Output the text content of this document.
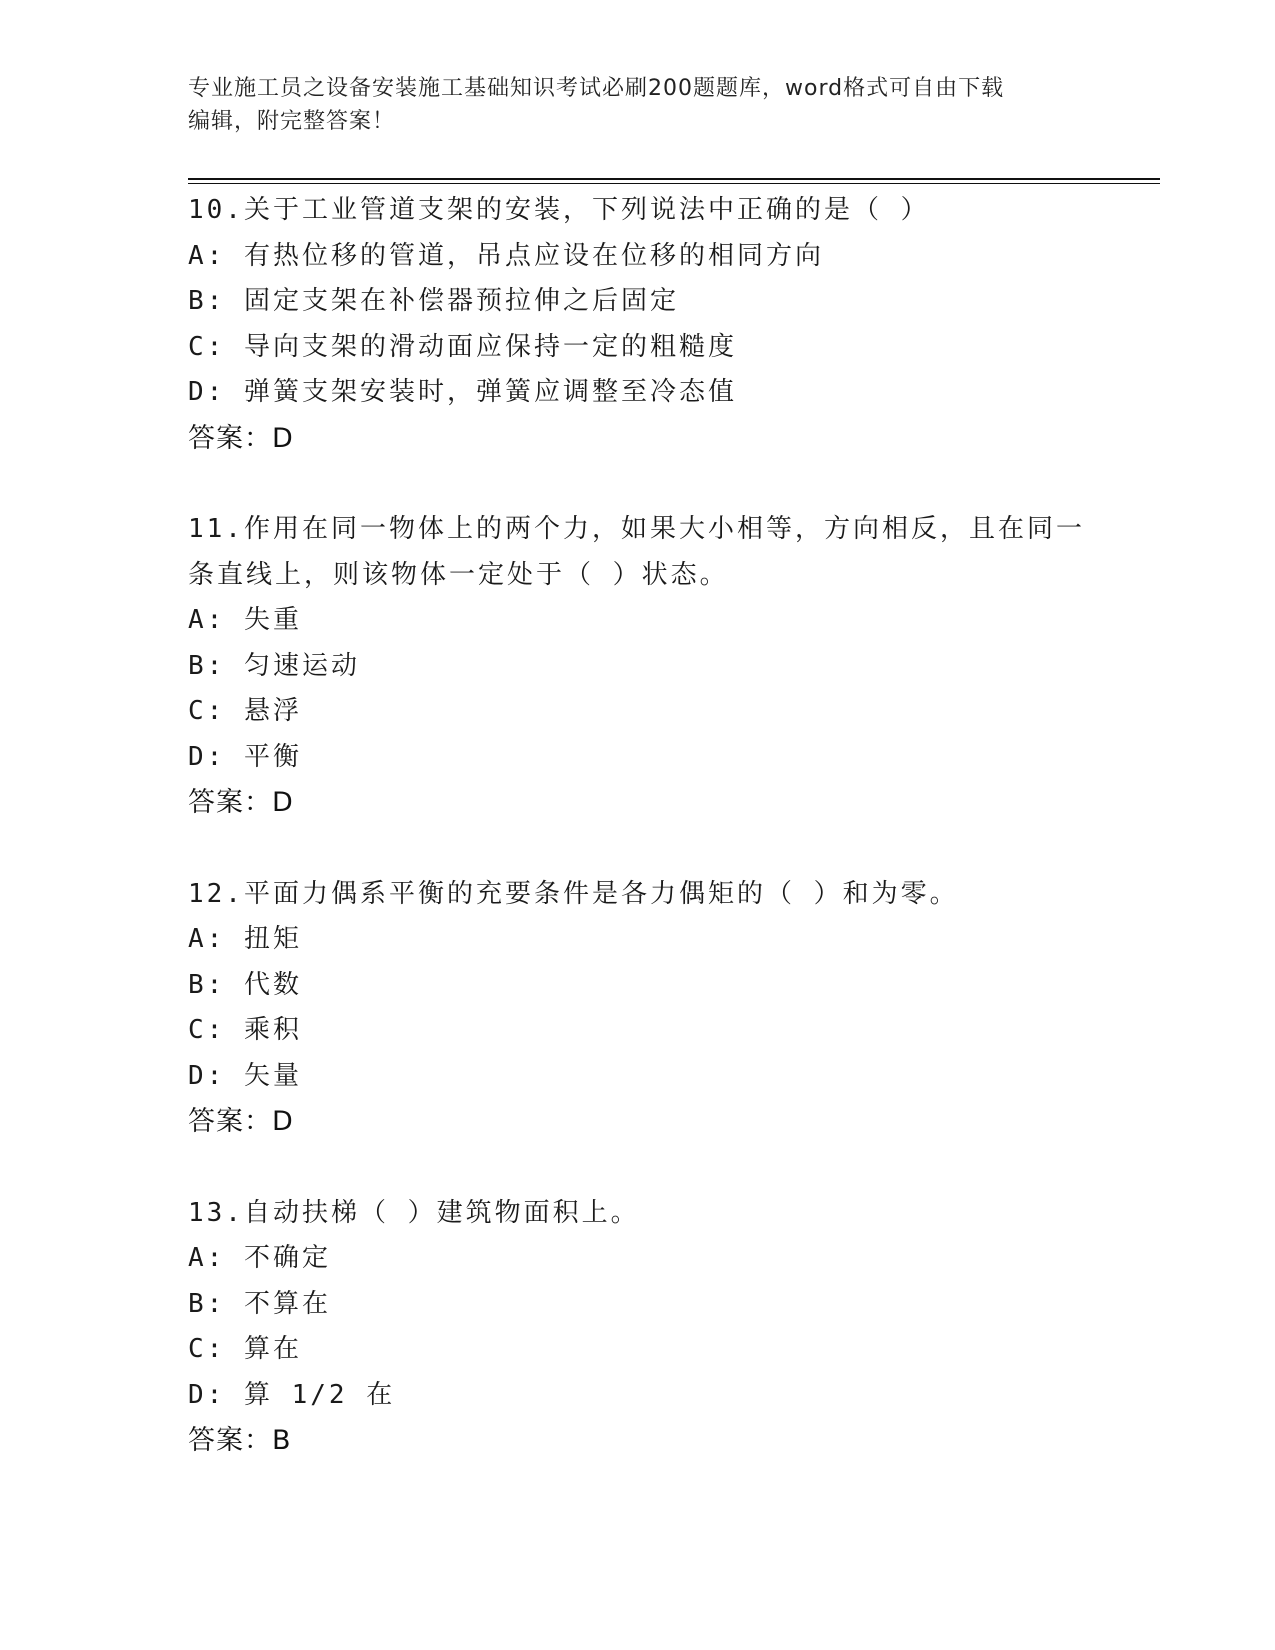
专业施工员之设备安装施工基础知识考试必刷200题题库，word格式可自由下载
编辑，附完整答案！
10.关于工业管道支架的安装，下列说法中正确的是（ ）
A: 有热位移的管道，吊点应设在位移的相同方向
B: 固定支架在补偿器预拉伸之后固定
C: 导向支架的滑动面应保持一定的粗糙度
D: 弹簧支架安装时，弹簧应调整至冷态值
答案：D
11.作用在同一物体上的两个力，如果大小相等，方向相反，且在同一条直线上，则该物体一定处于（ ）状态。
A: 失重
B: 匀速运动
C: 悬浮
D: 平衡
答案：D
12.平面力偶系平衡的充要条件是各力偶矩的（ ）和为零。
A: 扭矩
B: 代数
C: 乘积
D: 矢量
答案：D
13.自动扶梯（ ）建筑物面积上。
A: 不确定
B: 不算在
C: 算在
D: 算 1/2 在
答案：B
